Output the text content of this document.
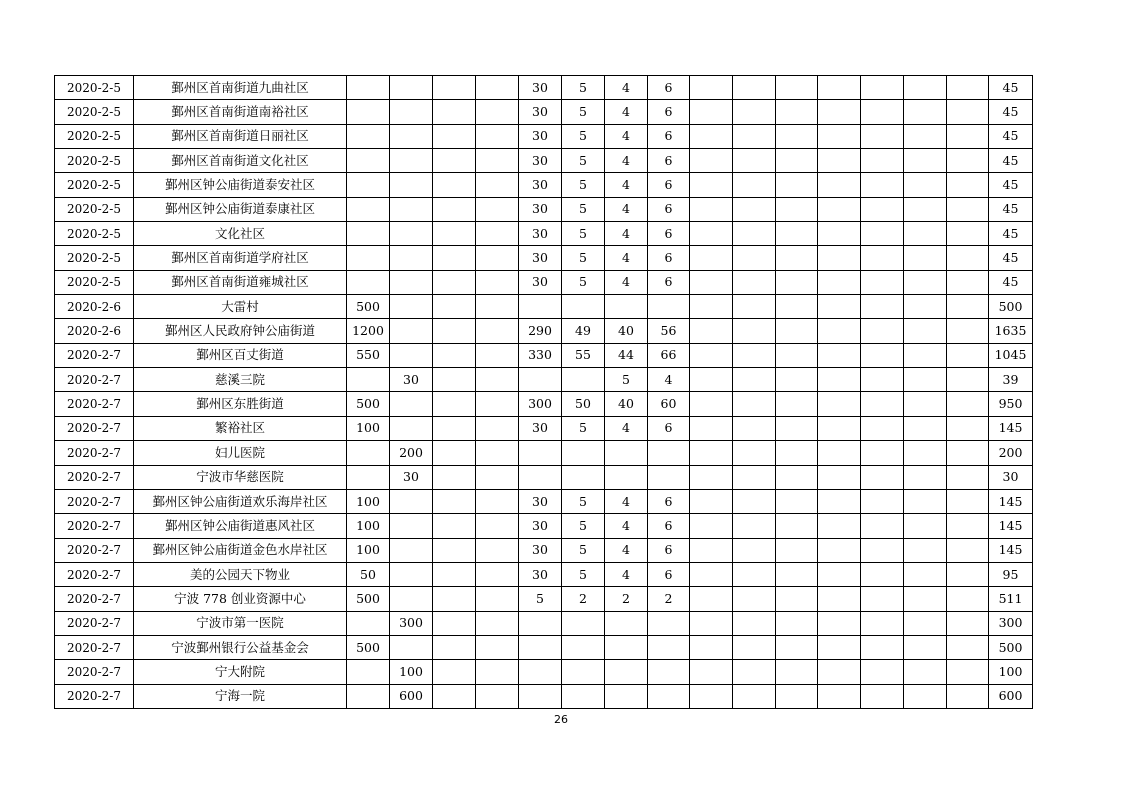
2020-2-5	鄞州区首南街道九曲社区					30	5	4	6								45
2020-2-5	鄞州区首南街道南裕社区					30	5	4	6								45
2020-2-5	鄞州区首南街道日丽社区					30	5	4	6								45
2020-2-5	鄞州区首南街道文化社区					30	5	4	6								45
2020-2-5	鄞州区钟公庙街道泰安社区					30	5	4	6								45
2020-2-5	鄞州区钟公庙街道泰康社区					30	5	4	6								45
2020-2-5	文化社区					30	5	4	6								45
2020-2-5	鄞州区首南街道学府社区					30	5	4	6								45
2020-2-5	鄞州区首南街道雍城社区					30	5	4	6								45
2020-2-6	大雷村	500															500
2020-2-6	鄞州区人民政府钟公庙街道	1200				290	49	40	56								1635
2020-2-7	鄞州区百丈街道	550				330	55	44	66								1045
2020-2-7	慈溪三院		30					5	4								39
2020-2-7	鄞州区东胜街道	500				300	50	40	60								950
2020-2-7	繁裕社区	100				30	5	4	6								145
2020-2-7	妇儿医院		200														200
2020-2-7	宁波市华慈医院		30														30
2020-2-7	鄞州区钟公庙街道欢乐海岸社区	100				30	5	4	6								145
2020-2-7	鄞州区钟公庙街道惠风社区	100				30	5	4	6								145
2020-2-7	鄞州区钟公庙街道金色水岸社区	100				30	5	4	6								145
2020-2-7	美的公园天下物业	50				30	5	4	6								95
2020-2-7	宁波 778 创业资源中心	500				5	2	2	2								511
2020-2-7	宁波市第一医院		300														300
2020-2-7	宁波鄞州银行公益基金会	500															500
2020-2-7	宁大附院		100														100
2020-2-7	宁海一院		600														600
26
